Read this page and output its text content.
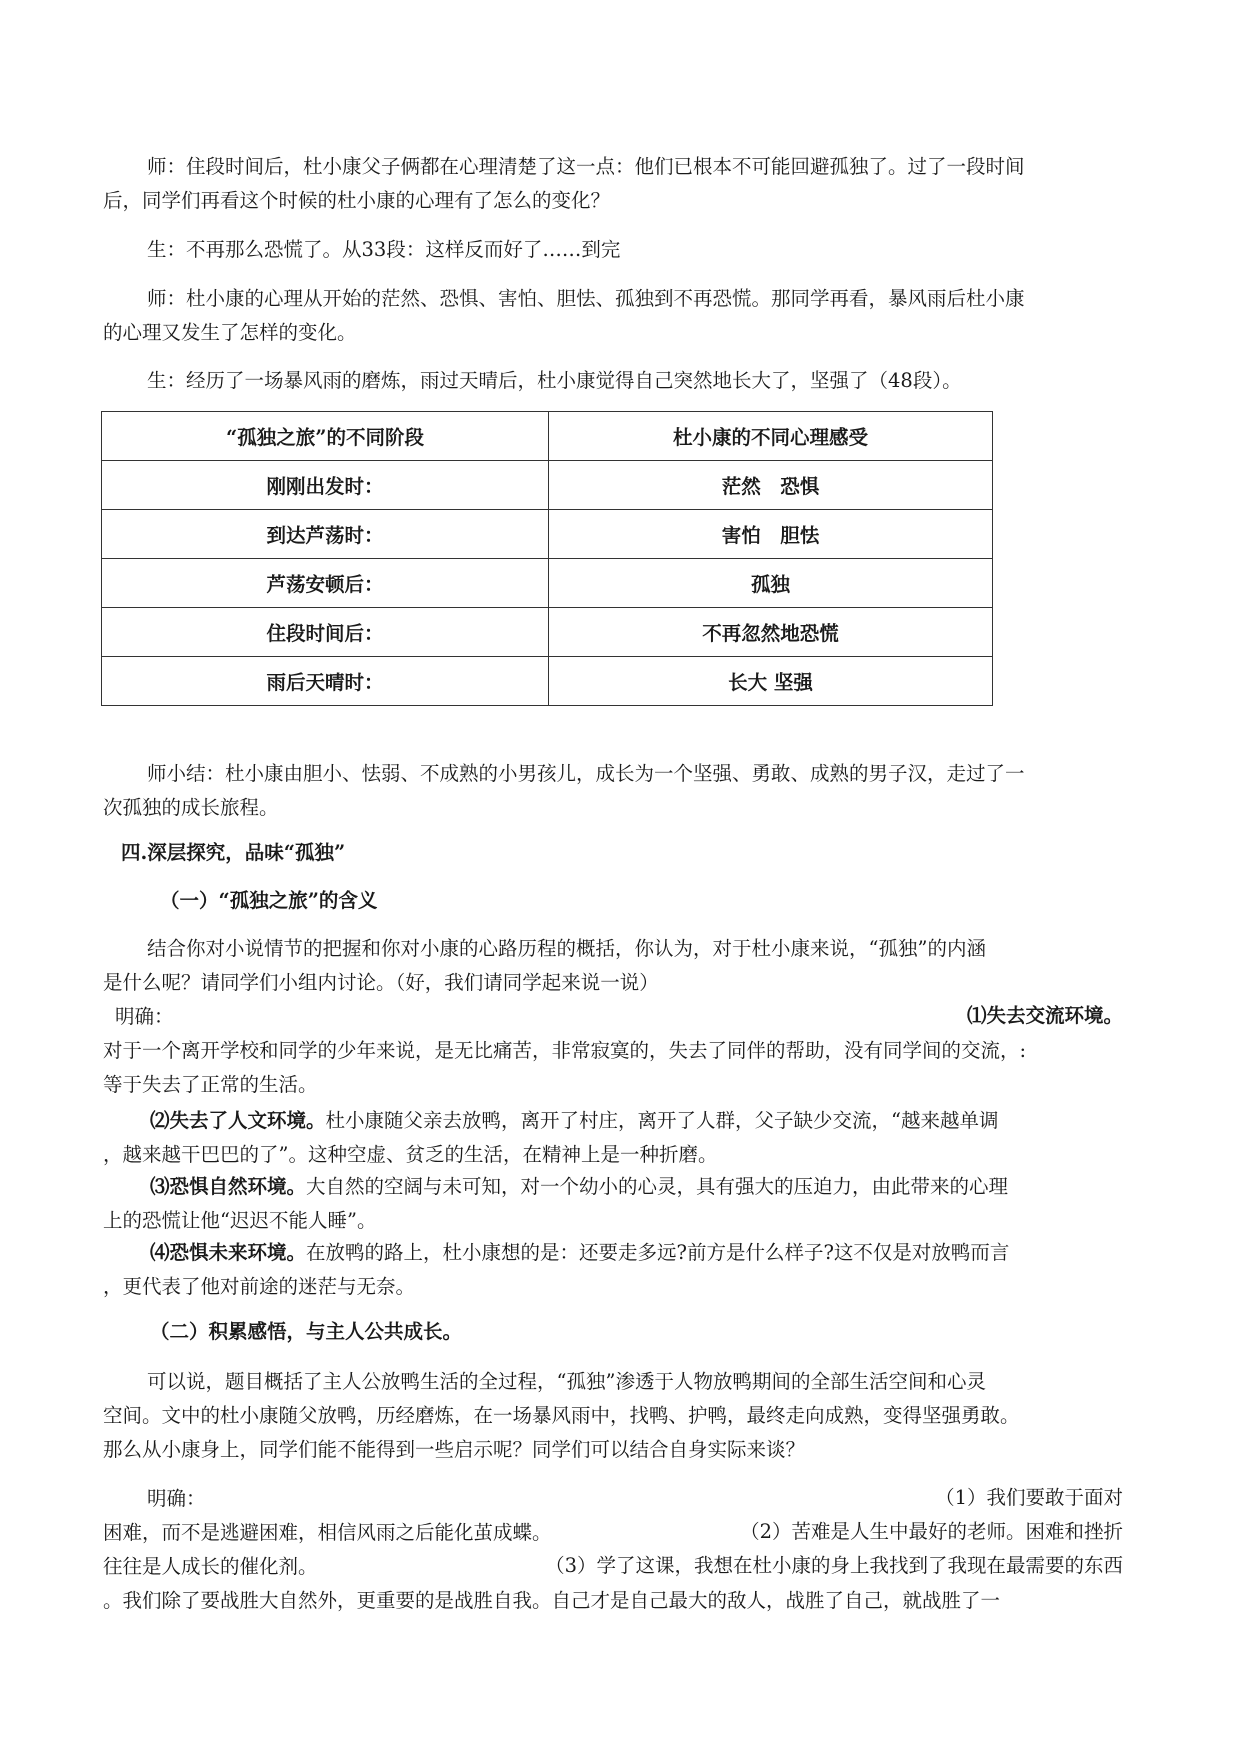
师：住段时间后，杜小康父子俩都在心理清楚了这一点：他们已根本不可能回避孤独了。过了一段时间
后，同学们再看这个时候的杜小康的心理有了怎么的变化？
生：不再那么恐慌了。从33段：这样反而好了……到完
师：杜小康的心理从开始的茫然、恐惧、害怕、胆怯、孤独到不再恐慌。那同学再看，暴风雨后杜小康
的心理又发生了怎样的变化。
生：经历了一场暴风雨的磨炼，雨过天晴后，杜小康觉得自己突然地长大了，坚强了（48段）。
“孤独之旅”的不同阶段	杜小康的不同心理感受
刚刚出发时：	茫然　恐惧
到达芦荡时：	害怕　胆怯
芦荡安顿后：	孤独
住段时间后：	不再忽然地恐慌
雨后天晴时：	长大 坚强
师小结：杜小康由胆小、怯弱、不成熟的小男孩儿，成长为一个坚强、勇敢、成熟的男子汉，走过了一
次孤独的成长旅程。
四.深层探究，品味“孤独”
（一）“孤独之旅”的含义
结合你对小说情节的把握和你对小康的心路历程的概括，你认为，对于杜小康来说，“孤独”的内涵
是什么呢？请同学们小组内讨论。（好，我们请同学起来说一说）
明确：	⑴失去交流环境。
对于一个离开学校和同学的少年来说，是无比痛苦，非常寂寞的，失去了同伴的帮助，没有同学间的交流，:
等于失去了正常的生活。
⑵失去了人文环境。杜小康随父亲去放鸭，离开了村庄，离开了人群，父子缺少交流，“越来越单调
，越来越干巴巴的了”。这种空虚、贫乏的生活，在精神上是一种折磨。
⑶恐惧自然环境。大自然的空阔与未可知，对一个幼小的心灵，具有强大的压迫力，由此带来的心理
上的恐慌让他“迟迟不能人睡”。
⑷恐惧未来环境。在放鸭的路上，杜小康想的是：还要走多远?前方是什么样子?这不仅是对放鸭而言
，更代表了他对前途的迷茫与无奈。
（二）积累感悟，与主人公共成长。
可以说，题目概括了主人公放鸭生活的全过程，“孤独”渗透于人物放鸭期间的全部生活空间和心灵
空间。文中的杜小康随父放鸭，历经磨炼，在一场暴风雨中，找鸭、护鸭，最终走向成熟，变得坚强勇敢。
那么从小康身上，同学们能不能得到一些启示呢？同学们可以结合自身实际来谈？
明确：	（1）我们要敢于面对
困难，而不是逃避困难，相信风雨之后能化茧成蝶。	（2）苦难是人生中最好的老师。困难和挫折
往往是人成长的催化剂。	（3）学了这课，我想在杜小康的身上我找到了我现在最需要的东西
。我们除了要战胜大自然外，更重要的是战胜自我。自己才是自己最大的敌人，战胜了自己，就战胜了一
